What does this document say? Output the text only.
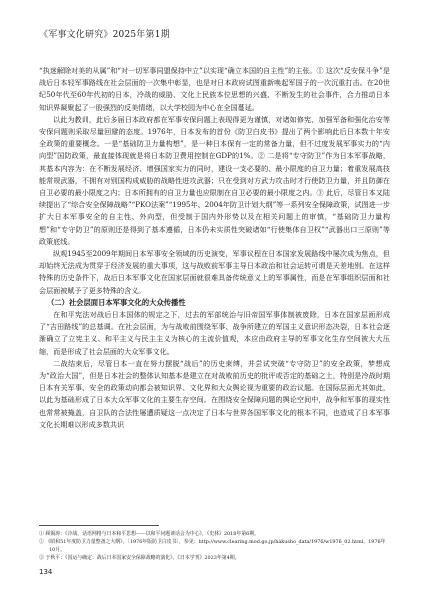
《军事文化研究》2025年第1期

“执迷解除对美的从属”和“对一切军事同盟保持中立”以实现“确立本国的自主性”的主张。① 这次“反安保斗争”是战后日本轻军事路线在社会层面的一次集中彰显，也是对日本政府试图重新唤起军国子的一次沉重打击。在20世纪50年代至60年代初的日本，冷战的威胁、文化上民族本位思想的兴盛、不断发生的社会事件，合力推动日本知识界凝聚起了一股强烈的反美情绪，以大学校园为中心在全国蔓延。

以此为教训，此后多届日本政府都在军事安保问题上表现得更为谨慎，对诸如修宪、加强军备和强化治安等安保问题则采取尽量回避的态度。1976年，日本发布的首份《防卫白皮书》提出了两个影响此后日本数十年安全政策的重要概念。一是“基础防卫力量构想”，是一种日本保有一定的常备力量，但不过度发展军事实力的“内向型”国防政策，最直接体现就是将日本防卫费用控制在GDP的1%。② 二是将“专守防卫”作为日本军事战略，其基本内容为：在不断发展经济、增强国家实力的同时，建设一支必要的、最小限度的自卫力量；着重发展高技能常规武器，不拥有对别国构成威胁的战略性进攻武器；只在受到对方武力攻击时才行使防卫力量，并且防御在自卫必要的最小限度之内；日本所拥有的自卫力量也应限制在自卫必要的最小限度之内。③ 此后，尽管日本又陆续提出了“综合安全保障战略”“PKO法案”“1995年、2004年防卫计划大纲”等一系列安全保障政策，试图进一步扩大日本军事安全的自主性、外向型，但受制于国内外形势以及在相关问题上的审慎，“基础防卫力量构想”和“专守防卫”的原则还是得到了基本遵循，日本仍未实质性突破诸如“行使集体自卫权”“武器出口三原则”等政策底线。

纵观1945至2009年期间日本军事安全领域的历史演变，军事议程在日本国家发展路线中屡次成为焦点，但却始终无法成为贯穿于经济发展的重大事项，这与战败前军事主导日本政治和社会运转可谓是天差地别。在这样特殊的历史条件下，战后日本军事文化在国家层面就很难具备传统意义上的军事属性，而是在军事组织层面和社会层面被赋予了更多特殊的含义。

（二）社会层面日本军事文化的大众传播性

在和平宪法对战后日本国体的规定之下，过去的军部统治与旧帝国军事体制被废除，日本在国家层面形成了“吉田路线”的总基调。在社会层面，为与战败前围绕军事、战争所建立的军国主义意识形态决裂，日本社会逐渐确立了立宪主义、和平主义与民主主义为核心的主流价值观，本应由政府主导的军事文化生存空间被大大压缩，而是形成了社会层面的大众军事文化。

二战结束后，尽管日本一直在努力摆脱“战后”的历史束缚，并尝试突破“专守防卫”的安全政策，梦想成为“政治大国”，但是日本社会的整体认知基本是建立在对战败前历史的批评或否定的基础之上，特别是冷战时期日本有关军事、安全的政策动向都会被知识界、文化界和大众舆论视为重要的政治议题。在国际层面尤其如此，以此为基础形成了日本大众军事文化的主要生存空间。在围绕安全保障问题的舆论空间中，战争和军事的现实性也常常被掩盖，自卫队的合法性屡遭质疑这一点决定了日本与世界各国军事文化的根本不同，也造成了日本军事文化长期难以形成多数共识

① 顾锡涛：《冷战、话语网格与日本和平思想——以和平问题谈话会为中心》，《史林》2018年第6期。

② 《昭和51年度防卫力量整备之大纲》，〔1976年版防卫白皮书〕，参见：http://www.clearing.mod.go.jp/hakusho_data/1976/w1976_02.html，1976年10月。

③ 于秋平：《国运与确定：战后日本国家安全保障战略的演化》，《日本学刊》2023年第4期。

134
